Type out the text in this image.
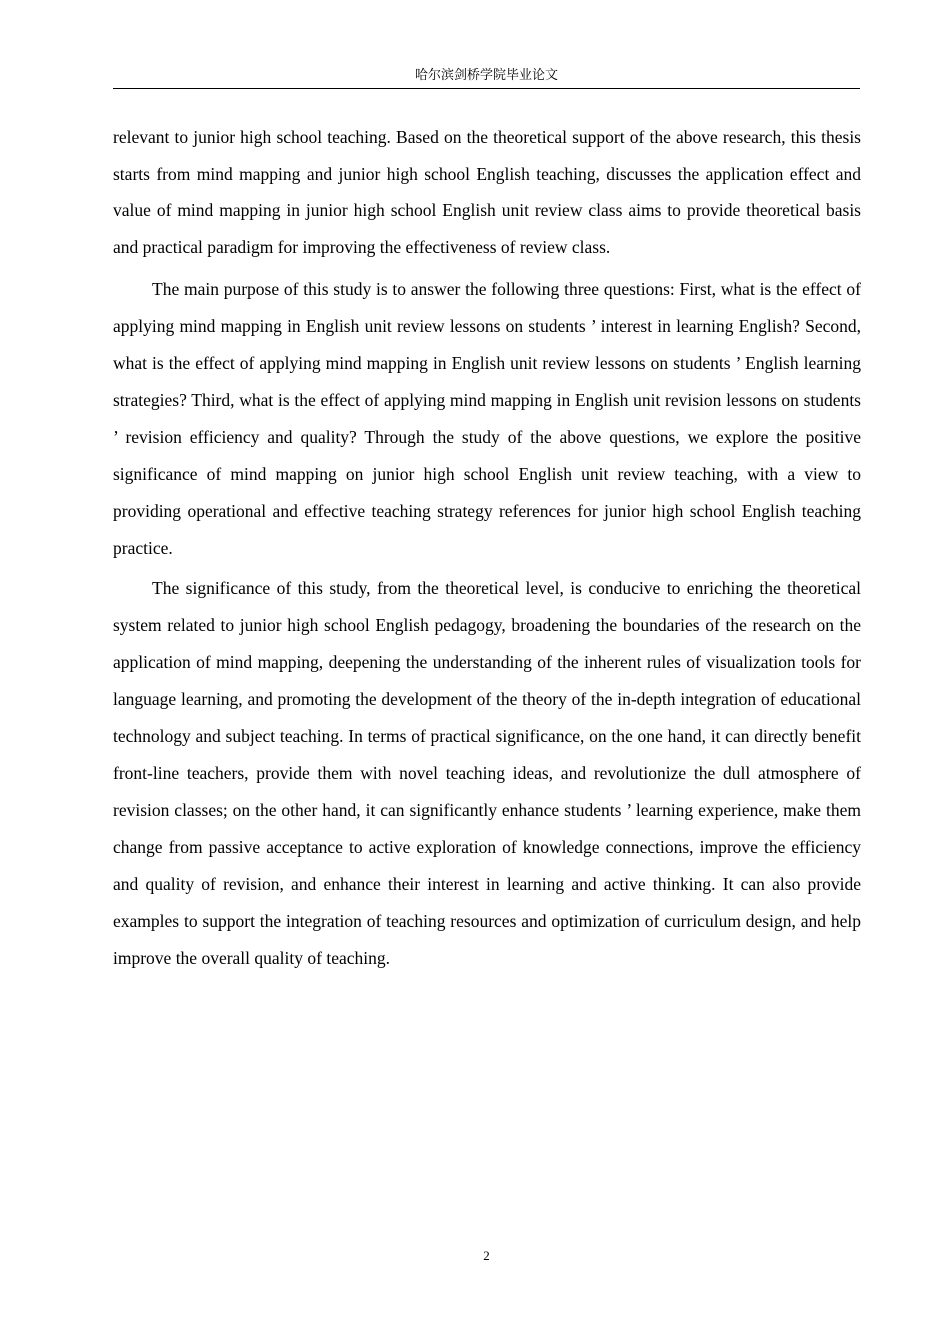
哈尔滨剑桥学院毕业论文

relevant to junior high school teaching. Based on the theoretical support of the above research, this thesis starts from mind mapping and junior high school English teaching, discusses the application effect and value of mind mapping in junior high school English unit review class aims to provide theoretical basis and practical paradigm for improving the effectiveness of review class.

The main purpose of this study is to answer the following three questions: First, what is the effect of applying mind mapping in English unit review lessons on students ’ interest in learning English? Second, what is the effect of applying mind mapping in English unit review lessons on students ’ English learning strategies? Third, what is the effect of applying mind mapping in English unit revision lessons on students ’ revision efficiency and quality? Through the study of the above questions, we explore the positive significance of mind mapping on junior high school English unit review teaching, with a view to providing operational and effective teaching strategy references for junior high school English teaching practice.

The significance of this study, from the theoretical level, is conducive to enriching the theoretical system related to junior high school English pedagogy, broadening the boundaries of the research on the application of mind mapping, deepening the understanding of the inherent rules of visualization tools for language learning, and promoting the development of the theory of the in-depth integration of educational technology and subject teaching. In terms of practical significance, on the one hand, it can directly benefit front-line teachers, provide them with novel teaching ideas, and revolutionize the dull atmosphere of revision classes; on the other hand, it can significantly enhance students ’ learning experience, make them change from passive acceptance to active exploration of knowledge connections, improve the efficiency and quality of revision, and enhance their interest in learning and active thinking. It can also provide examples to support the integration of teaching resources and optimization of curriculum design, and help improve the overall quality of teaching.

2
